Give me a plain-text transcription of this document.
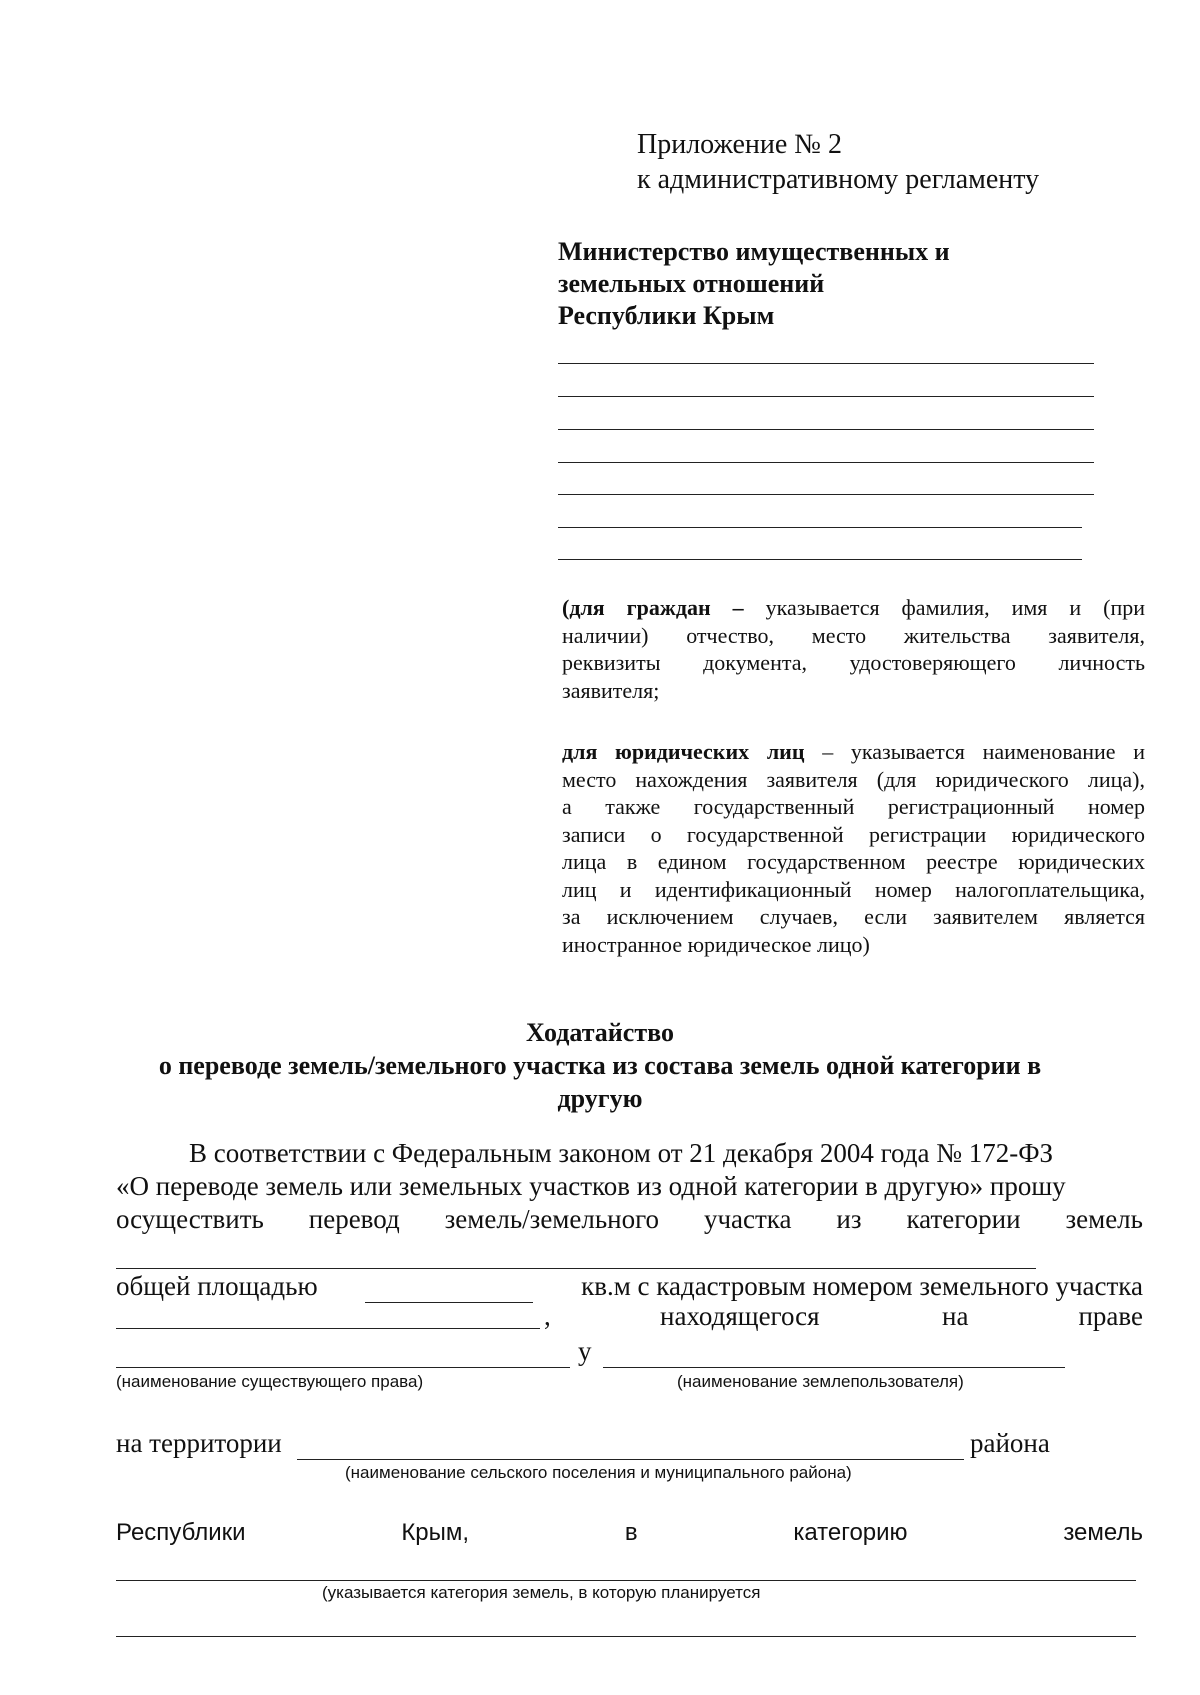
Приложение № 2
к административному регламенту
Министерство имущественных и
земельных отношений
Республики Крым
(для граждан – указывается фамилия, имя и (при
наличии) отчество, место жительства заявителя,
реквизиты документа, удостоверяющего личность
заявителя;
для юридических лиц – указывается наименование и
место нахождения заявителя (для юридического лица),
а также государственный регистрационный номер
записи о государственной регистрации юридического
лица в едином государственном реестре юридических
лиц и идентификационный номер налогоплательщика,
за исключением случаев, если заявителем является
иностранное юридическое лицо)
Ходатайство
о переводе земель/земельного участка из состава земель одной категории в
другую
В соответствии с Федеральным законом от 21 декабря 2004 года № 172-ФЗ
«О переводе земель или земельных участков из одной категории в другую» прошу
осуществить перевод земель/земельного участка из категории земель
общей площадью	кв.м с кадастровым номером земельного участка
,	находящегося	на	праве
у
(наименование существующего права)	(наименование землепользователя)
на территории	района
(наименование сельского поселения и муниципального района)
Республики	Крым,	в	категорию	земель
(указывается категория земель, в которую планируется
